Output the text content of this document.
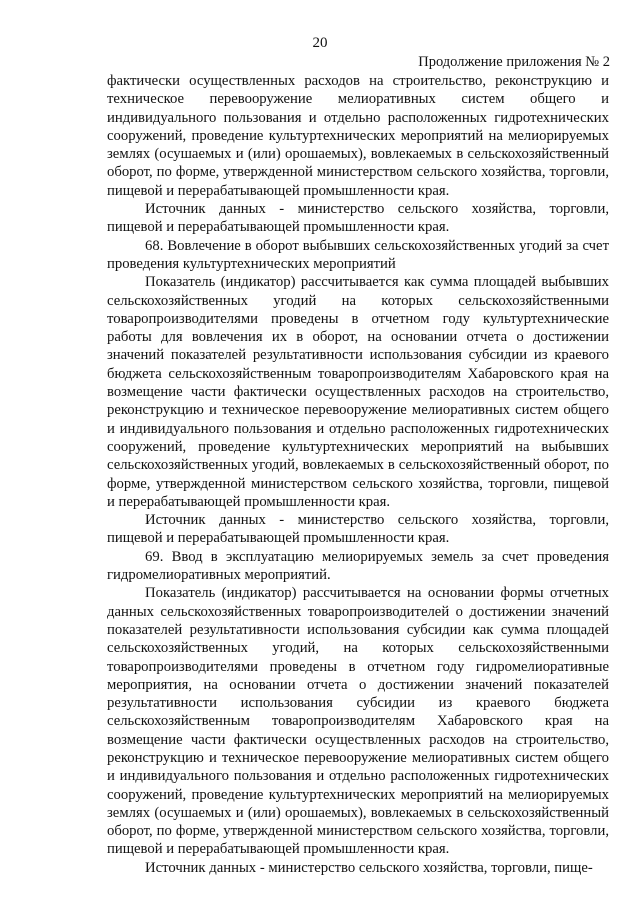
20
Продолжение приложения № 2

фактически осуществленных расходов на строительство, реконструкцию и техническое перевооружение мелиоративных систем общего и индивидуального пользования и отдельно расположенных гидротехнических сооружений, проведение культуртехнических мероприятий на мелиорируемых землях (осушаемых и (или) орошаемых), вовлекаемых в сельскохозяйственный оборот, по форме, утвержденной министерством сельского хозяйства, торговли, пищевой и перерабатывающей промышленности края.

Источник данных - министерство сельского хозяйства, торговли, пищевой и перерабатывающей промышленности края.

68. Вовлечение в оборот выбывших сельскохозяйственных угодий за счет проведения культуртехнических мероприятий

Показатель (индикатор) рассчитывается как сумма площадей выбывших сельскохозяйственных угодий на которых сельскохозяйственными товаропроизводителями проведены в отчетном году культуртехнические работы для вовлечения их в оборот, на основании отчета о достижении значений показателей результативности использования субсидии из краевого бюджета сельскохозяйственным товаропроизводителям Хабаровского края на возмещение части фактически осуществленных расходов на строительство, реконструкцию и техническое перевооружение мелиоративных систем общего и индивидуального пользования и отдельно расположенных гидротехнических сооружений, проведение культуртехнических мероприятий на выбывших сельскохозяйственных угодий, вовлекаемых в сельскохозяйственный оборот, по форме, утвержденной министерством сельского хозяйства, торговли, пищевой и перерабатывающей промышленности края.

Источник данных - министерство сельского хозяйства, торговли, пищевой и перерабатывающей промышленности края.

69. Ввод в эксплуатацию мелиорируемых земель за счет проведения гидромелиоративных мероприятий.

Показатель (индикатор) рассчитывается на основании формы отчетных данных сельскохозяйственных товаропроизводителей о достижении значений показателей результативности использования субсидии как сумма площадей сельскохозяйственных угодий, на которых сельскохозяйственными товаропроизводителями проведены в отчетном году гидромелиоративные мероприятия, на основании отчета о достижении значений показателей результативности использования субсидии из краевого бюджета сельскохозяйственным товаропроизводителям Хабаровского края на возмещение части фактически осуществленных расходов на строительство, реконструкцию и техническое перевооружение мелиоративных систем общего и индивидуального пользования и отдельно расположенных гидротехнических сооружений, проведение культуртехнических мероприятий на мелиорируемых землях (осушаемых и (или) орошаемых), вовлекаемых в сельскохозяйственный оборот, по форме, утвержденной министерством сельского хозяйства, торговли, пищевой и перерабатывающей промышленности края.

Источник данных - министерство сельского хозяйства, торговли, пище-
